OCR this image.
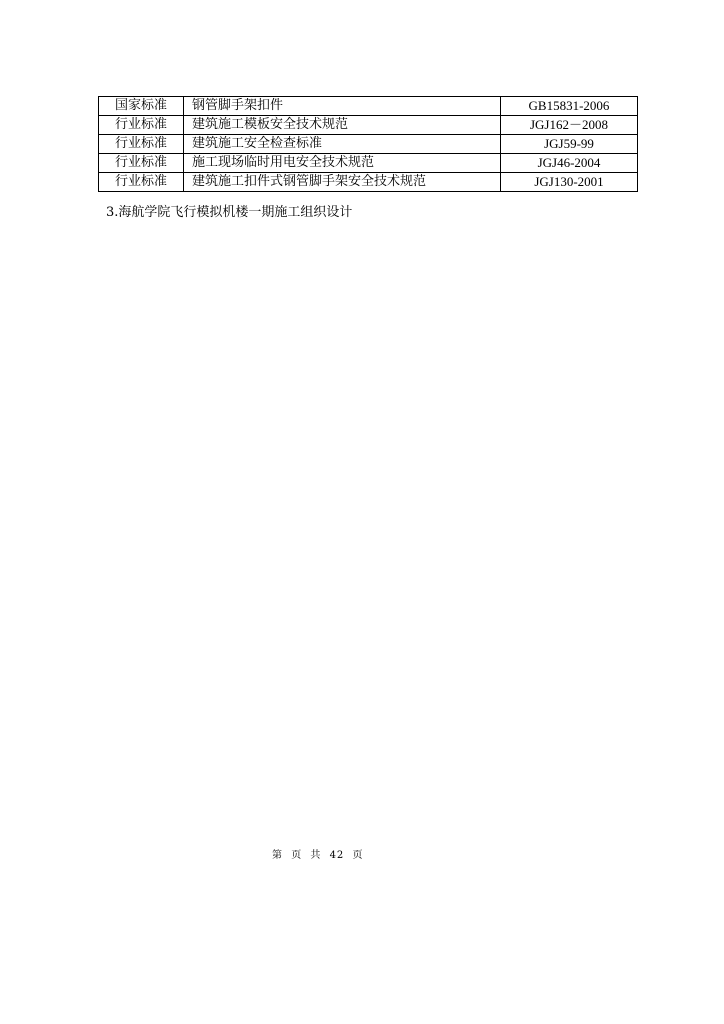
国家标准	钢管脚手架扣件	GB15831-2006
行业标准	建筑施工模板安全技术规范	JGJ162－2008
行业标准	建筑施工安全检查标准	JGJ59-99
行业标准	施工现场临时用电安全技术规范	JGJ46-2004
行业标准	建筑施工扣件式钢管脚手架安全技术规范	JGJ130-2001
3.海航学院飞行模拟机楼一期施工组织设计
第 页 共 42 页
